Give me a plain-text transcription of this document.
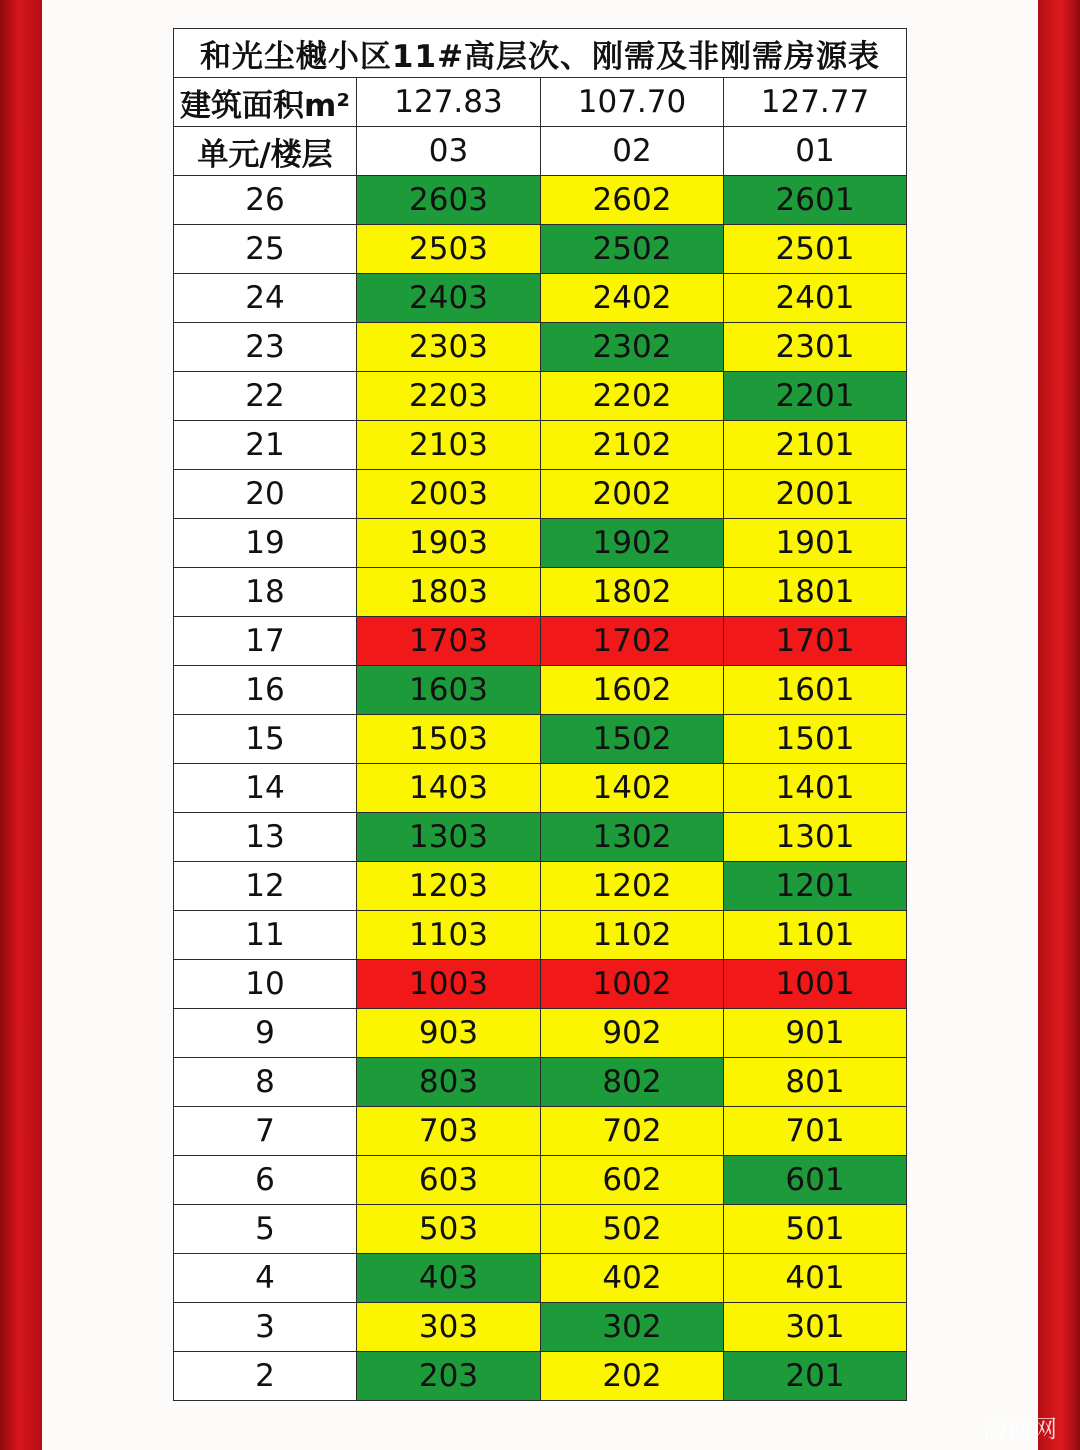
和光尘樾小区11#高层次、刚需及非刚需房源表			
建筑面积m²	127.83	107.70	127.77
单元/楼层	03	02	01
26	2603	2602	2601
25	2503	2502	2501
24	2403	2402	2401
23	2303	2302	2301
22	2203	2202	2201
21	2103	2102	2101
20	2003	2002	2001
19	1903	1902	1901
18	1803	1802	1801
17	1703	1702	1701
16	1603	1602	1601
15	1503	1502	1501
14	1403	1402	1401
13	1303	1302	1301
12	1203	1202	1201
11	1103	1102	1101
10	1003	1002	1001
9	903	902	901
8	803	802	801
7	703	702	701
6	603	602	601
5	503	502	501
4	403	402	401
3	303	302	301
2	203	202	201
海西网
